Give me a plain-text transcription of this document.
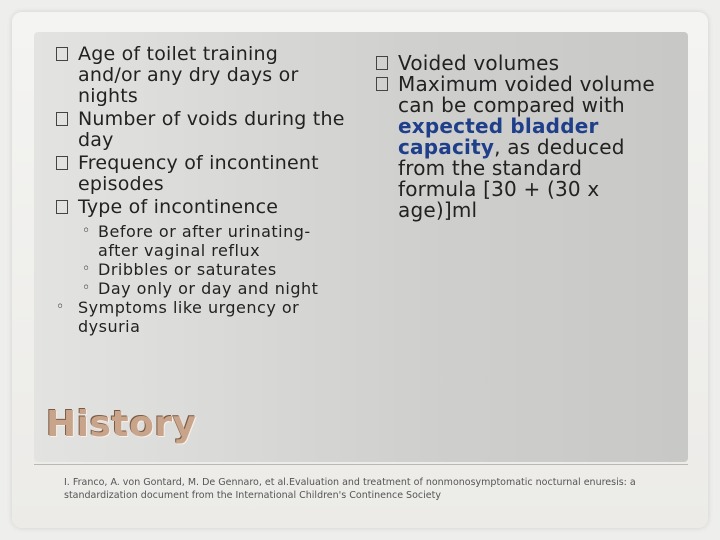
Age of toilet training and/or any dry days or nights
Number of voids during the day
Frequency of incontinent episodes
Type of incontinence
◦ Before or after urinating- after vaginal reflux
◦ Dribbles or saturates
◦ Day only or day and night
◦ Symptoms like urgency or dysuria
Voided volumes
Maximum voided volume can be compared with expected bladder capacity, as deduced from the standard formula [30 + (30 x age)]ml
History
I. Franco, A. von Gontard, M. De Gennaro, et al.Evaluation and treatment of nonmonosymptomatic nocturnal enuresis: a standardization document from the International Children's Continence Society
